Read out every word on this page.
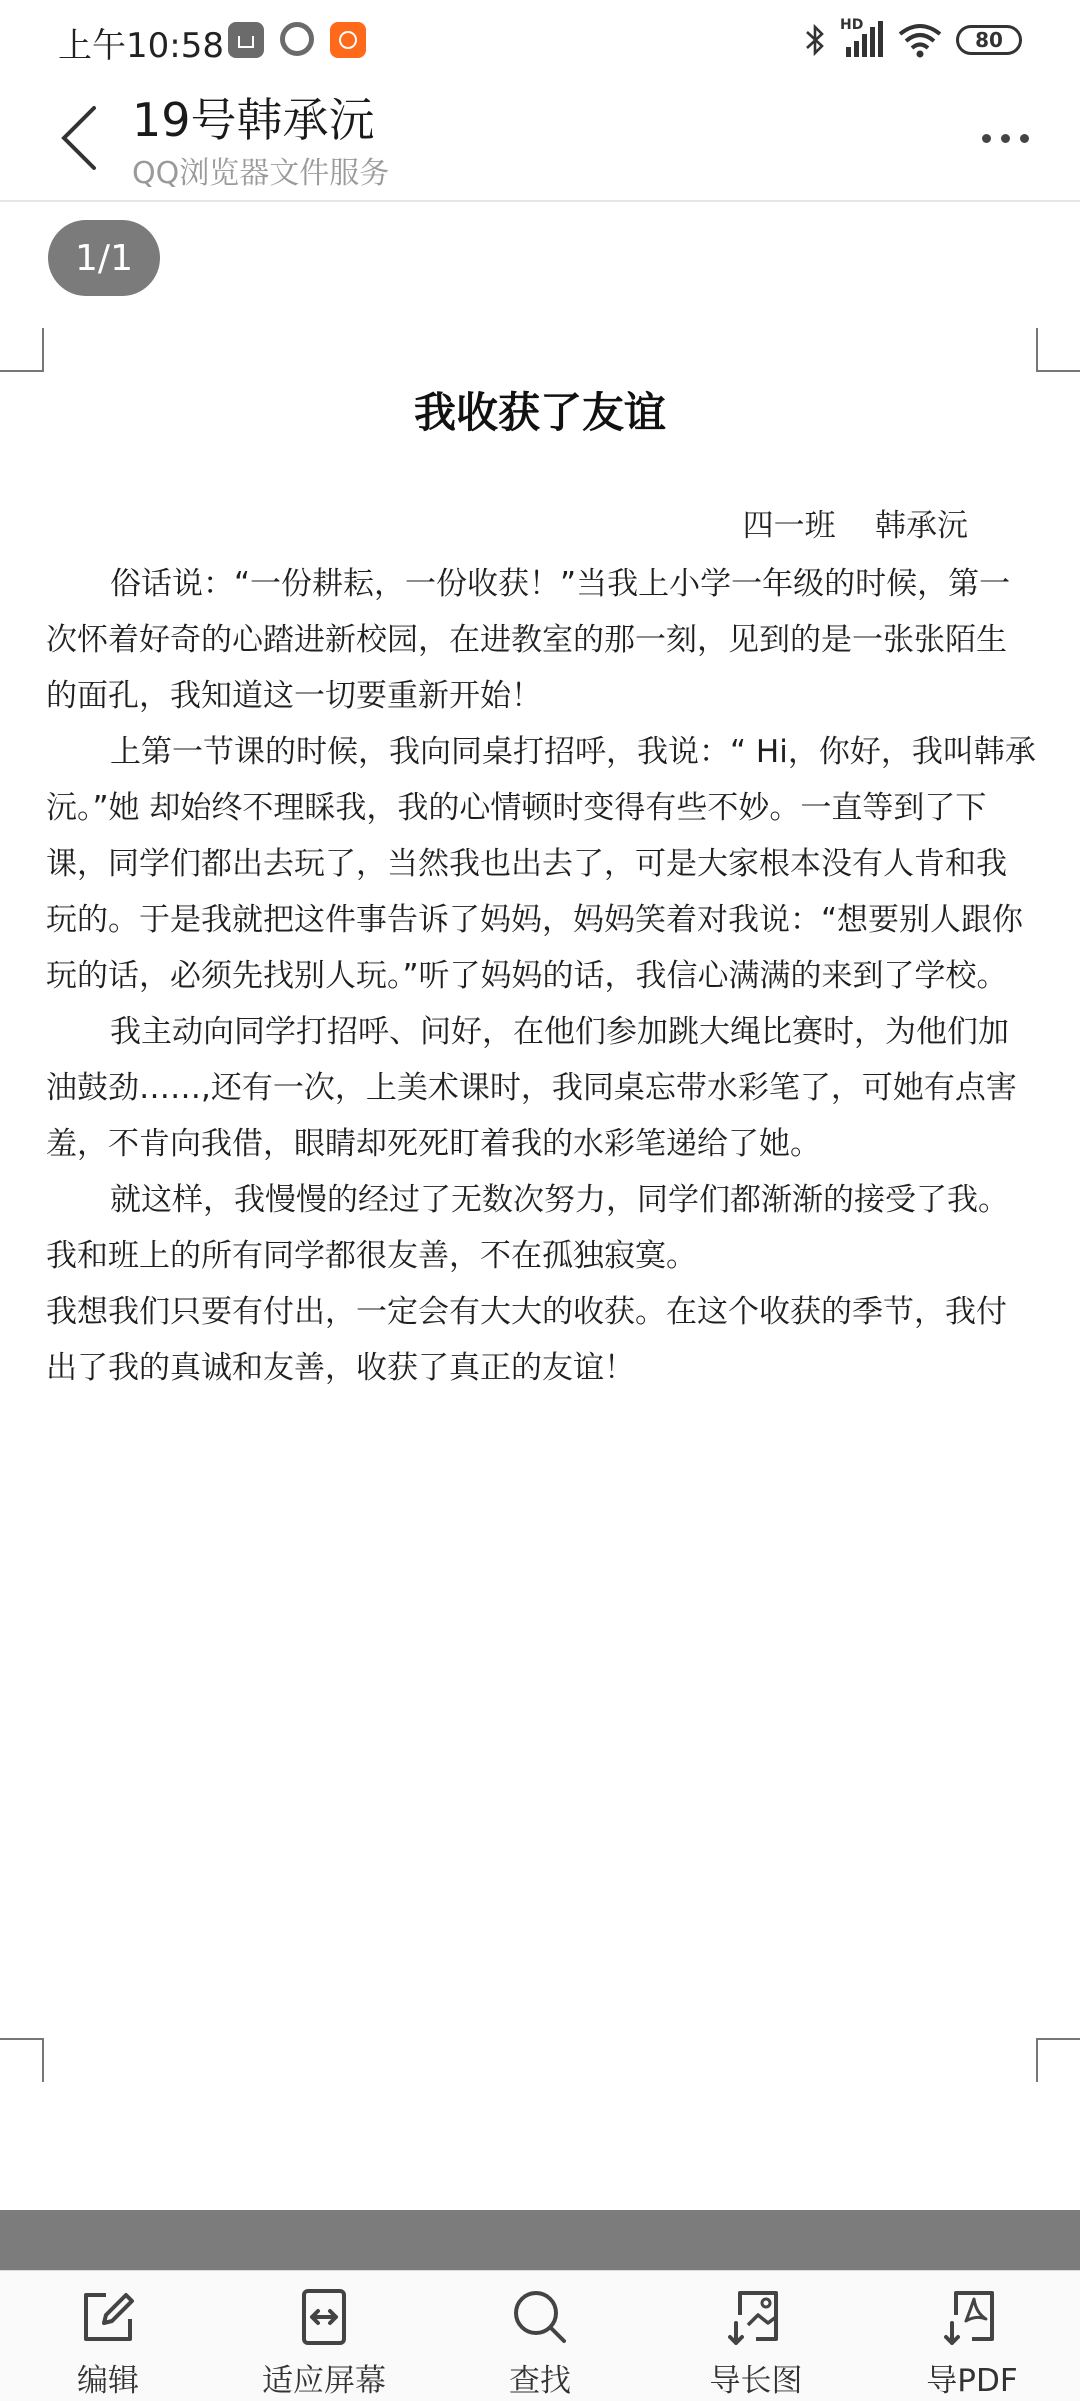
上午10:58
HD
80
19号韩承沅
QQ浏览器文件服务
1/1
我收获了友谊
四一班    韩承沅

俗话说：“一份耕耘，一份收获！”当我上小学一年级的时候，第一次怀着好奇的心踏进新校园，在进教室的那一刻，见到的是一张张陌生的面孔，我知道这一切要重新开始！

上第一节课的时候，我向同桌打招呼，我说：“ Hi，你好，我叫韩承沅。”她 却始终不理睬我，我的心情顿时变得有些不妙。一直等到了下课，同学们都出去玩了，当然我也出去了，可是大家根本没有人肯和我玩的。于是我就把这件事告诉了妈妈，妈妈笑着对我说：“想要别人跟你玩的话，必须先找别人玩。”听了妈妈的话，我信心满满的来到了学校。

我主动向同学打招呼、问好，在他们参加跳大绳比赛时，为他们加油鼓劲……,还有一次，上美术课时，我同桌忘带水彩笔了，可她有点害羞，不肯向我借，眼睛却死死盯着我的水彩笔递给了她。

就这样，我慢慢的经过了无数次努力，同学们都渐渐的接受了我。我和班上的所有同学都很友善，不在孤独寂寞。

我想我们只要有付出，一定会有大大的收获。在这个收获的季节，我付出了我的真诚和友善，收获了真正的友谊！

编辑	适应屏幕	查找	导长图	导PDF
